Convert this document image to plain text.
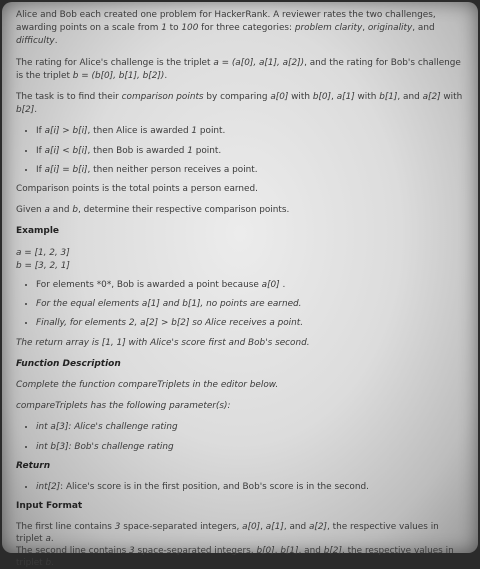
Alice and Bob each created one problem for HackerRank. A reviewer rates the two challenges, awarding points on a scale from 1 to 100 for three categories: problem clarity, originality, and difficulty.

The rating for Alice's challenge is the triplet a = (a[0], a[1], a[2]), and the rating for Bob's challenge is the triplet b = (b[0], b[1], b[2]).

The task is to find their comparison points by comparing a[0] with b[0], a[1] with b[1], and a[2] with b[2].

• If a[i] > b[i], then Alice is awarded 1 point.
• If a[i] < b[i], then Bob is awarded 1 point.
• If a[i] = b[i], then neither person receives a point.

Comparison points is the total points a person earned.

Given a and b, determine their respective comparison points.

Example
a = [1, 2, 3]
b = [3, 2, 1]
• For elements *0*, Bob is awarded a point because a[0] .
• For the equal elements a[1] and b[1], no points are earned.
• Finally, for elements 2, a[2] > b[2] so Alice receives a point.

The return array is [1, 1] with Alice's score first and Bob's second.

Function Description

Complete the function compareTriplets in the editor below.

compareTriplets has the following parameter(s):

• int a[3]: Alice's challenge rating
• int b[3]: Bob's challenge rating
Return
• int[2]: Alice's score is in the first position, and Bob's score is in the second.
Input Format

The first line contains 3 space-separated integers, a[0], a[1], and a[2], the respective values in triplet a.
The second line contains 3 space-separated integers, b[0], b[1], and b[2], the respective values in triplet b.
